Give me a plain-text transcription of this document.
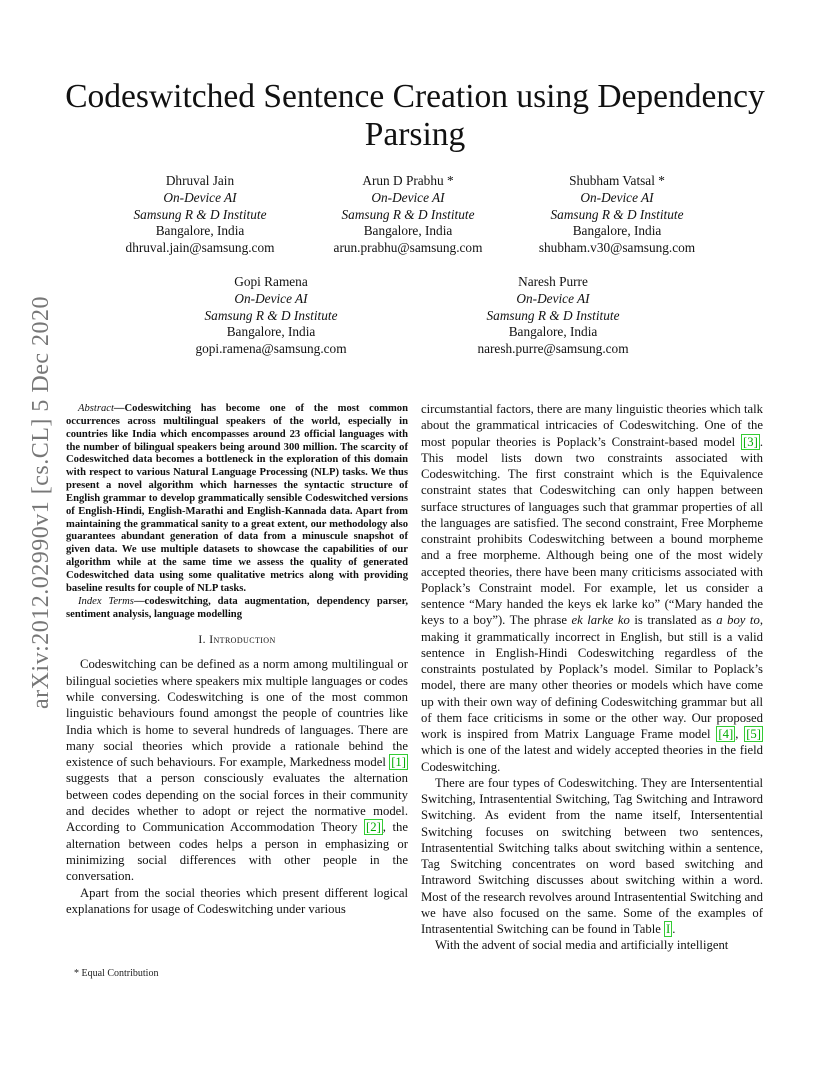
arXiv:2012.02990v1 [cs.CL] 5 Dec 2020
Codeswitched Sentence Creation using Dependency Parsing
Dhruval Jain
On-Device AI
Samsung R & D Institute
Bangalore, India
dhruval.jain@samsung.com
Arun D Prabhu *
On-Device AI
Samsung R & D Institute
Bangalore, India
arun.prabhu@samsung.com
Shubham Vatsal *
On-Device AI
Samsung R & D Institute
Bangalore, India
shubham.v30@samsung.com
Gopi Ramena
On-Device AI
Samsung R & D Institute
Bangalore, India
gopi.ramena@samsung.com
Naresh Purre
On-Device AI
Samsung R & D Institute
Bangalore, India
naresh.purre@samsung.com

Abstract—Codeswitching has become one of the most common occurrences across multilingual speakers of the world, especially in countries like India which encompasses around 23 official languages with the number of bilingual speakers being around 300 million. The scarcity of Codeswitched data becomes a bottleneck in the exploration of this domain with respect to various Natural Language Processing (NLP) tasks. We thus present a novel algorithm which harnesses the syntactic structure of English grammar to develop grammatically sensible Codeswitched versions of English-Hindi, English-Marathi and English-Kannada data. Apart from maintaining the grammatical sanity to a great extent, our methodology also guarantees abundant generation of data from a minuscule snapshot of given data. We use multiple datasets to showcase the capabilities of our algorithm while at the same time we assess the quality of generated Codeswitched data using some qualitative metrics along with providing baseline results for couple of NLP tasks.

Index Terms—codeswitching, data augmentation, dependency parser, sentiment analysis, language modelling

I. Introduction

Codeswitching can be defined as a norm among multilingual or bilingual societies where speakers mix multiple languages or codes while conversing. Codeswitching is one of the most common linguistic behaviours found amongst the people of countries like India which is home to several hundreds of languages. There are many social theories which provide a rationale behind the existence of such behaviours. For example, Markedness model [1] suggests that a person consciously evaluates the alternation between codes depending on the social forces in their community and decides whether to adopt or reject the normative model. According to Communication Accommodation Theory [2] , the alternation between codes helps a person in emphasizing or minimizing social differences with other people in the conversation.

Apart from the social theories which present different logical explanations for usage of Codeswitching under various

circumstantial factors, there are many linguistic theories which talk about the grammatical intricacies of Codeswitching. One of the most popular theories is Poplack’s Constraint-based model [3] . This model lists down two constraints associated with Codeswitching. The first constraint which is the Equivalence constraint states that Codeswitching can only happen between surface structures of languages such that grammar properties of all the languages are satisfied. The second constraint, Free Morpheme constraint prohibits Codeswitching between a bound morpheme and a free morpheme. Although being one of the most widely accepted theories, there have been many criticisms associated with Poplack’s Constraint model. For example, let us consider a sentence “Mary handed the keys ek larke ko” (“Mary handed the keys to a boy”). The phrase ek larke ko is translated as a boy to, making it grammatically incorrect in English, but still is a valid sentence in English-Hindi Codeswitching regardless of the constraints postulated by Poplack’s model. Similar to Poplack’s model, there are many other theories or models which have come up with their own way of defining Codeswitching grammar but all of them face criticisms in some or the other way. Our proposed work is inspired from Matrix Language Frame model [4] , [5] which is one of the latest and widely accepted theories in the field Codeswitching.

There are four types of Codeswitching. They are Intersentential Switching, Intrasentential Switching, Tag Switching and Intraword Switching. As evident from the name itself, Intersentential Switching focuses on switching between two sentences, Intrasentential Switching talks about switching within a sentence, Tag Switching concentrates on word based switching and Intraword Switching discusses about switching within a word. Most of the research revolves around Intrasentential Switching and we have also focused on the same. Some of the examples of Intrasentential Switching can be found in Table I .

With the advent of social media and artificially intelligent

* Equal Contribution
